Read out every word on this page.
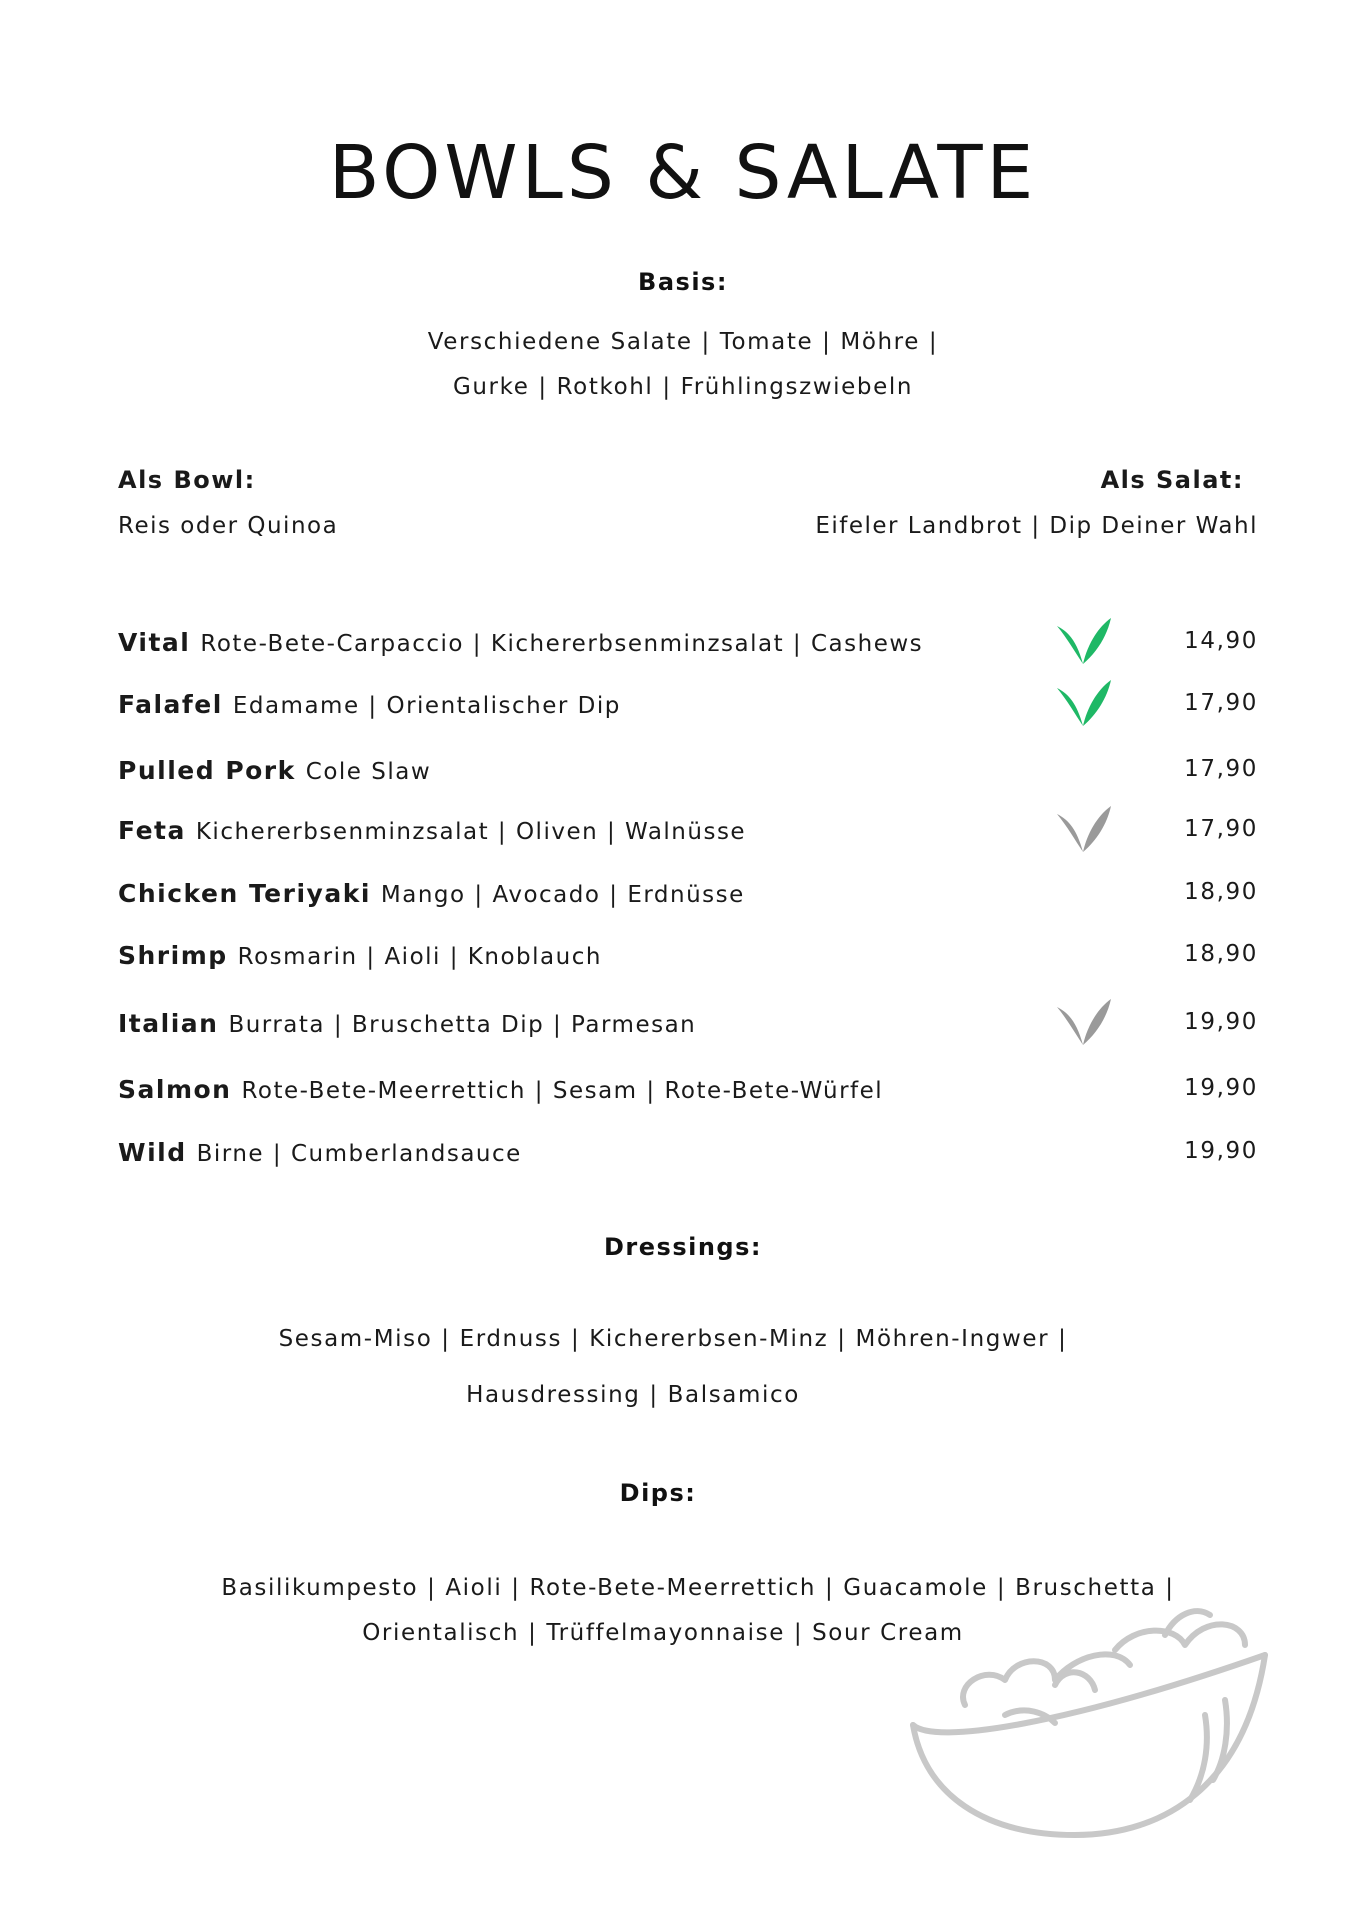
BOWLS & SALATE
Basis:
Verschiedene Salate | Tomate | Möhre |
Gurke | Rotkohl | Frühlingszwiebeln
Als Bowl:
Reis oder Quinoa
Als Salat:
Eifeler Landbrot | Dip Deiner Wahl
Vital Rote-Bete-Carpaccio | Kichererbsenminzsalat | Cashews	14,90
Falafel Edamame | Orientalischer Dip	17,90
Pulled Pork Cole Slaw	17,90
Feta Kichererbsenminzsalat | Oliven | Walnüsse	17,90
Chicken Teriyaki Mango | Avocado | Erdnüsse	18,90
Shrimp Rosmarin | Aioli | Knoblauch	18,90
Italian Burrata | Bruschetta Dip | Parmesan	19,90
Salmon Rote-Bete-Meerrettich | Sesam | Rote-Bete-Würfel	19,90
Wild Birne | Cumberlandsauce	19,90
Dressings:
Sesam-Miso | Erdnuss | Kichererbsen-Minz | Möhren-Ingwer |
Hausdressing | Balsamico
Dips:
Basilikumpesto | Aioli | Rote-Bete-Meerrettich | Guacamole | Bruschetta |
Orientalisch | Trüffelmayonnaise | Sour Cream
